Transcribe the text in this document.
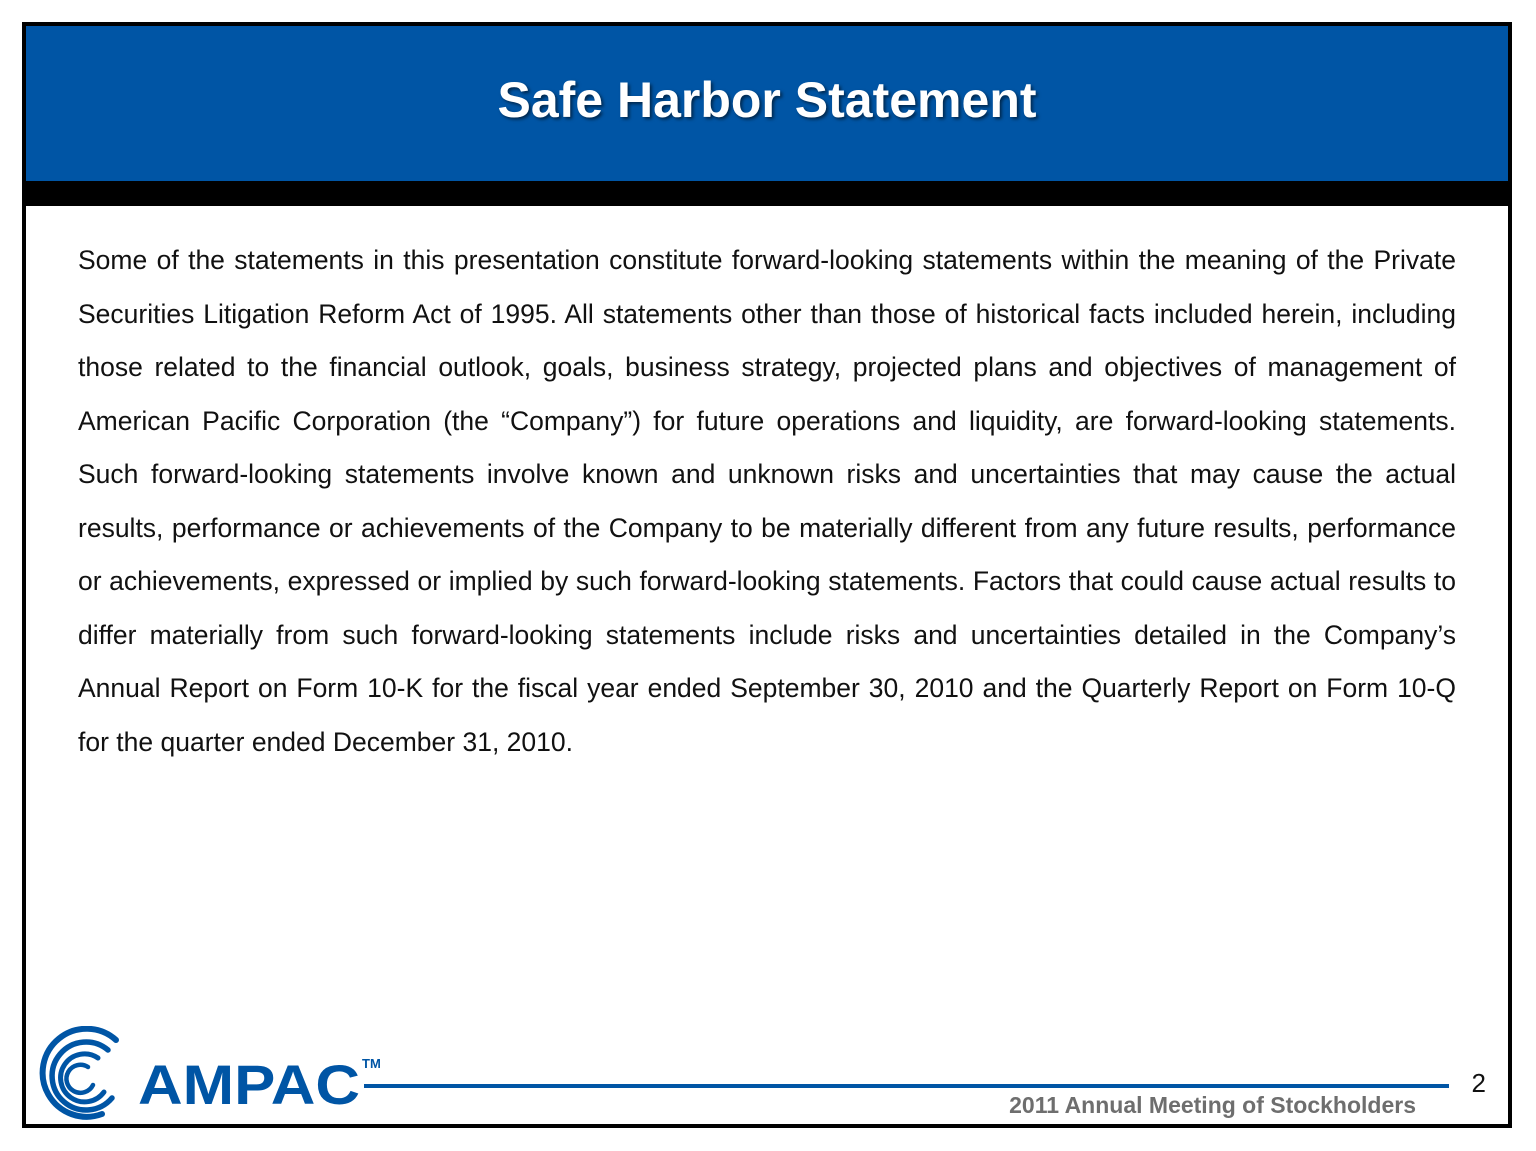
Safe Harbor Statement

Some of the statements in this presentation constitute forward-looking statements within the meaning of the Private Securities Litigation Reform Act of 1995. All statements other than those of historical facts included herein, including those related to the financial outlook, goals, business strategy, projected plans and objectives of management of American Pacific Corporation (the “Company”) for future operations and liquidity, are forward-looking statements. Such forward-looking statements involve known and unknown risks and uncertainties that may cause the actual results, performance or achievements of the Company to be materially different from any future results, performance or achievements, expressed or implied by such forward-looking statements. Factors that could cause actual results to differ materially from such forward-looking statements include risks and uncertainties detailed in the Company’s Annual Report on Form 10-K for the fiscal year ended September 30, 2010 and the Quarterly Report on Form 10-Q for the quarter ended December 31, 2010.

AMPAC TM
2
2011 Annual Meeting of Stockholders
